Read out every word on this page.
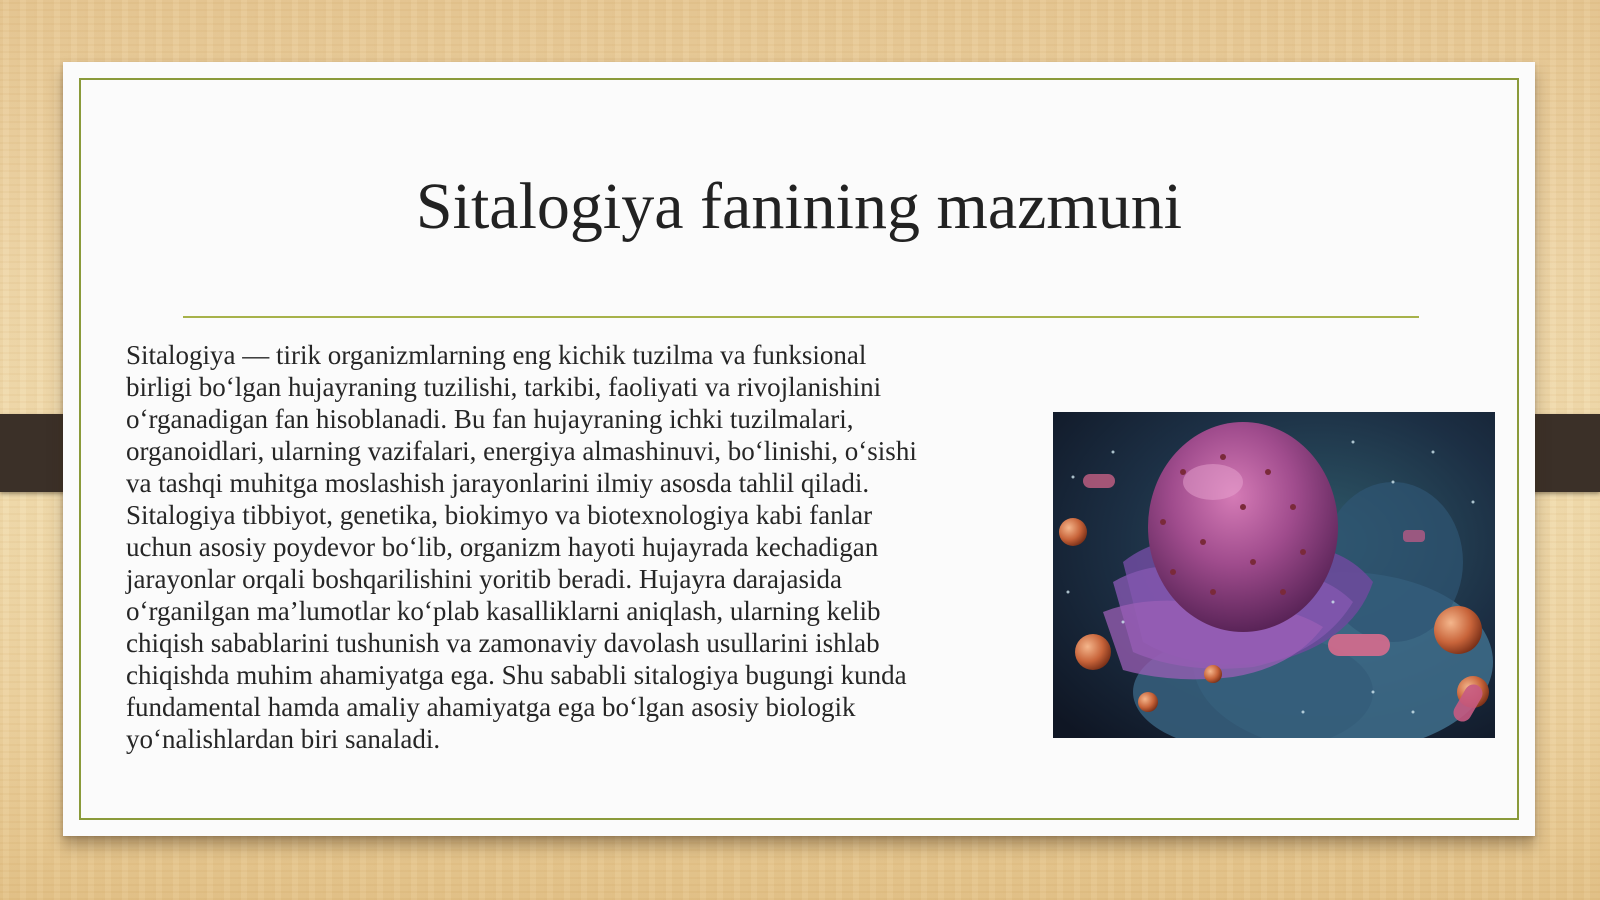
Sitalogiya fanining mazmuni

Sitalogiya — tirik organizmlarning eng kichik tuzilma va funksional
birligi bo‘lgan hujayraning tuzilishi, tarkibi, faoliyati va rivojlanishini
o‘rganadigan fan hisoblanadi. Bu fan hujayraning ichki tuzilmalari,
organoidlari, ularning vazifalari, energiya almashinuvi, bo‘linishi, o‘sishi
va tashqi muhitga moslashish jarayonlarini ilmiy asosda tahlil qiladi.
Sitalogiya tibbiyot, genetika, biokimyo va biotexnologiya kabi fanlar
uchun asosiy poydevor bo‘lib, organizm hayoti hujayrada kechadigan
jarayonlar orqali boshqarilishini yoritib beradi. Hujayra darajasida
o‘rganilgan ma’lumotlar ko‘plab kasalliklarni aniqlash, ularning kelib
chiqish sabablarini tushunish va zamonaviy davolash usullarini ishlab
chiqishda muhim ahamiyatga ega. Shu sababli sitalogiya bugungi kunda
fundamental hamda amaliy ahamiyatga ega bo‘lgan asosiy biologik
yo‘nalishlardan biri sanaladi.
